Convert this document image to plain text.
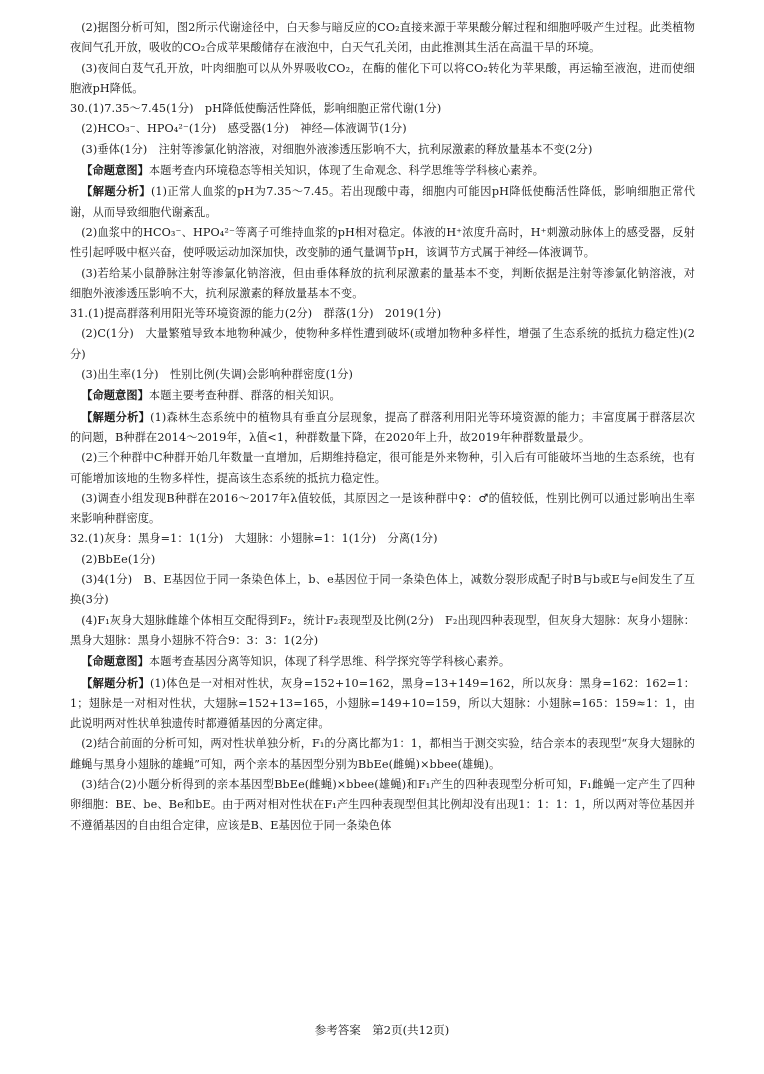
(2)据图分析可知，图2所示代谢途径中，白天参与暗反应的CO₂直接来源于苹果酸分解过程和细胞呼吸产生过程。此类植物夜间气孔开放，吸收的CO₂合成苹果酸储存在液泡中，白天气孔关闭，由此推测其生活在高温干旱的环境。

(3)夜间白芨气孔开放，叶肉细胞可以从外界吸收CO₂，在酶的催化下可以将CO₂转化为苹果酸，再运输至液泡，进而使细胞液pH降低。

30.(1)7.35～7.45(1分)　pH降低使酶活性降低，影响细胞正常代谢(1分)

(2)HCO₃⁻、HPO₄²⁻(1分)　感受器(1分)　神经—体液调节(1分)

(3)垂体(1分)　注射等渗氯化钠溶液，对细胞外液渗透压影响不大，抗利尿激素的释放量基本不变(2分)

【命题意图】本题考查内环境稳态等相关知识，体现了生命观念、科学思维等学科核心素养。

【解题分析】(1)正常人血浆的pH为7.35～7.45。若出现酸中毒，细胞内可能因pH降低使酶活性降低，影响细胞正常代谢，从而导致细胞代谢紊乱。

(2)血浆中的HCO₃⁻、HPO₄²⁻等离子可维持血浆的pH相对稳定。体液的H⁺浓度升高时，H⁺刺激动脉体上的感受器，反射性引起呼吸中枢兴奋，使呼吸运动加深加快，改变肺的通气量调节pH，该调节方式属于神经—体液调节。

(3)若给某小鼠静脉注射等渗氯化钠溶液，但由垂体释放的抗利尿激素的量基本不变，判断依据是注射等渗氯化钠溶液，对细胞外液渗透压影响不大，抗利尿激素的释放量基本不变。

31.(1)提高群落利用阳光等环境资源的能力(2分)　群落(1分)　2019(1分)

(2)C(1分)　大量繁殖导致本地物种减少，使物种多样性遭到破坏(或增加物种多样性，增强了生态系统的抵抗力稳定性)(2分)

(3)出生率(1分)　性别比例(失调)会影响种群密度(1分)

【命题意图】本题主要考查种群、群落的相关知识。

【解题分析】(1)森林生态系统中的植物具有垂直分层现象，提高了群落利用阳光等环境资源的能力；丰富度属于群落层次的问题，B种群在2014～2019年，λ值<1，种群数量下降，在2020年上升，故2019年种群数量最少。

(2)三个种群中C种群开始几年数量一直增加，后期维持稳定，很可能是外来物种，引入后有可能破坏当地的生态系统，也有可能增加该地的生物多样性，提高该生态系统的抵抗力稳定性。

(3)调查小组发现B种群在2016～2017年λ值较低，其原因之一是该种群中♀：♂的值较低，性别比例可以通过影响出生率来影响种群密度。

32.(1)灰身：黑身=1：1(1分)　大翅脉：小翅脉=1：1(1分)　分离(1分)

(2)BbEe(1分)

(3)4(1分)　B、E基因位于同一条染色体上，b、e基因位于同一条染色体上，减数分裂形成配子时B与b或E与e间发生了互换(3分)

(4)F₁灰身大翅脉雌雄个体相互交配得到F₂，统计F₂表现型及比例(2分)　F₂出现四种表现型，但灰身大翅脉：灰身小翅脉：黑身大翅脉：黑身小翅脉不符合9：3：3：1(2分)

【命题意图】本题考查基因分离等知识，体现了科学思维、科学探究等学科核心素养。

【解题分析】(1)体色是一对相对性状，灰身=152+10=162，黑身=13+149=162，所以灰身：黑身=162：162=1：1；翅脉是一对相对性状，大翅脉=152+13=165，小翅脉=149+10=159，所以大翅脉：小翅脉=165：159≈1：1，由此说明两对性状单独遗传时都遵循基因的分离定律。

(2)结合前面的分析可知，两对性状单独分析，F₁的分离比都为1：1，都相当于测交实验，结合亲本的表现型“灰身大翅脉的雌蝇与黑身小翅脉的雄蝇”可知，两个亲本的基因型分别为BbEe(雌蝇)×bbee(雄蝇)。

(3)结合(2)小题分析得到的亲本基因型BbEe(雌蝇)×bbee(雄蝇)和F₁产生的四种表现型分析可知，F₁雌蝇一定产生了四种卵细胞：BE、be、Be和bE。由于两对相对性状在F₁产生四种表现型但其比例却没有出现1：1：1：1，所以两对等位基因并不遵循基因的自由组合定律，应该是B、E基因位于同一条染色体

参考答案　第2页(共12页)
